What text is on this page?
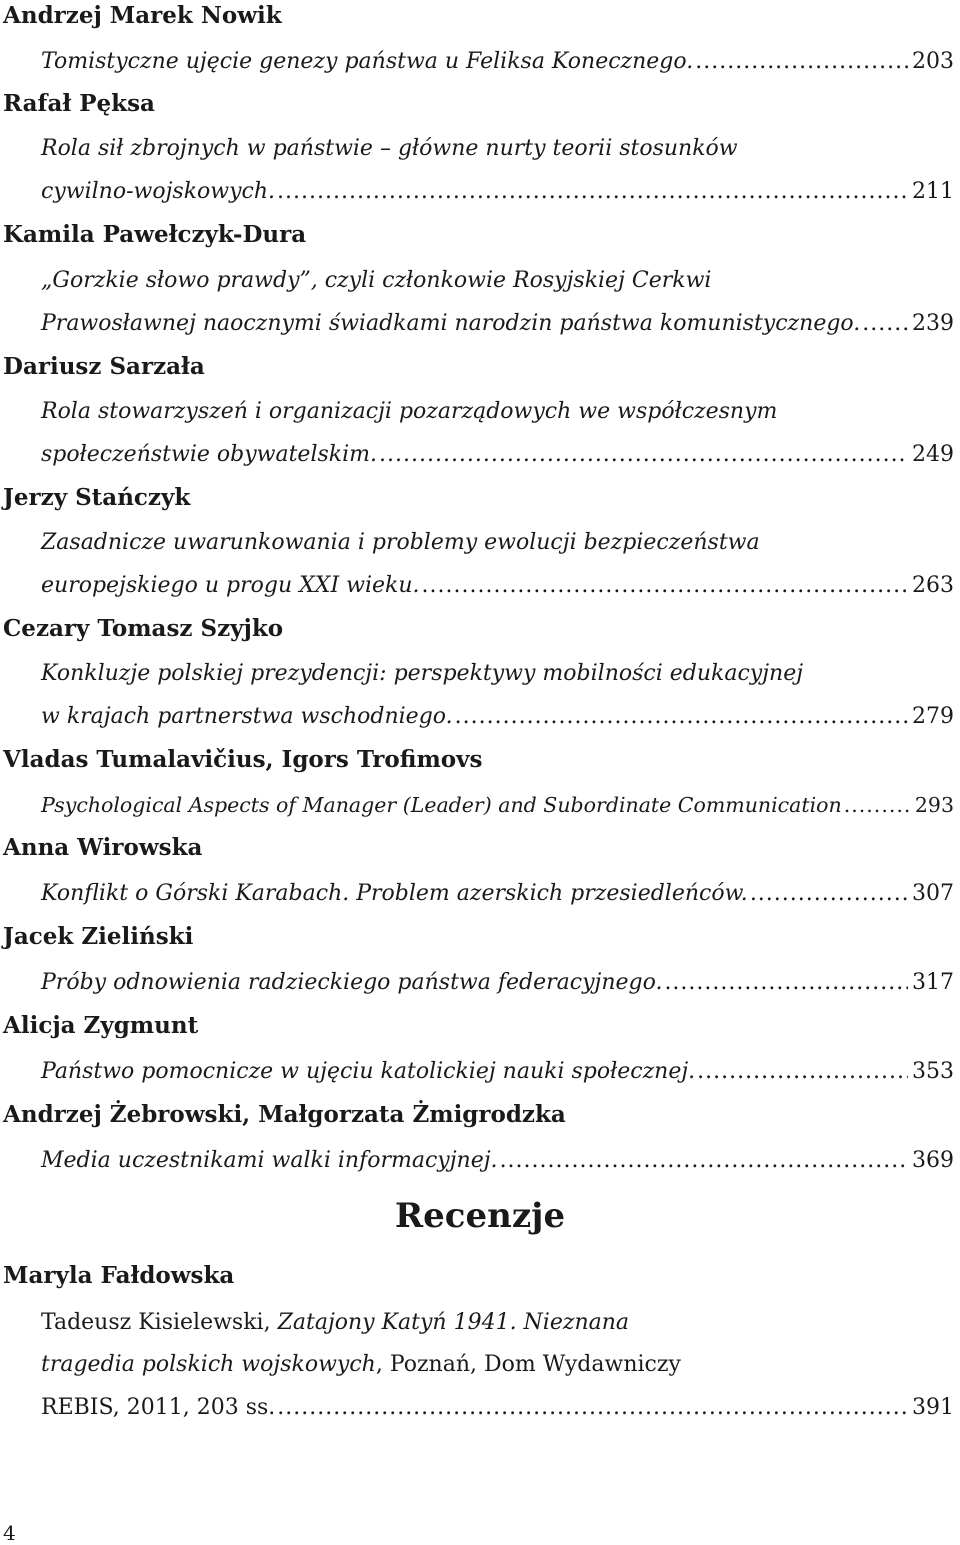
Andrzej Marek Nowik
Tomistyczne ujęcie genezy państwa u Feliksa Konecznego. .....	203
Rafał Pęksa
Rola sił zbrojnych w państwie – główne nurty teorii stosunków
cywilno-wojskowych. .....	211
Kamila Pawełczyk-Dura
„Gorzkie słowo prawdy”, czyli członkowie Rosyjskiej Cerkwi
Prawosławnej naocznymi świadkami narodzin państwa komunistycznego. ..... 239
Dariusz Sarzała
Rola stowarzyszeń i organizacji pozarządowych we współczesnym
społeczeństwie obywatelskim. .....	249
Jerzy Stańczyk
Zasadnicze uwarunkowania i problemy ewolucji bezpieczeństwa
europejskiego u progu XXI wieku. .....	263
Cezary Tomasz Szyjko
Konkluzje polskiej prezydencji: perspektywy mobilności edukacyjnej
w krajach partnerstwa wschodniego. .....	279
Vladas Tumalavičius, Igors Trofimovs
Psychological Aspects of Manager (Leader) and Subordinate Communication .....	293
Anna Wirowska
Konflikt o Górski Karabach. Problem azerskich przesiedleńców. .....	307
Jacek Zieliński
Próby odnowienia radzieckiego państwa federacyjnego. .....	317
Alicja Zygmunt
Państwo pomocnicze w ujęciu katolickiej nauki społecznej. .....	353
Andrzej Żebrowski, Małgorzata Żmigrodzka
Media uczestnikami walki informacyjnej. .....	369
Recenzje
Maryla Fałdowska
Tadeusz Kisielewski, Zatajony Katyń 1941. Nieznana
tragedia polskich wojskowych, Poznań, Dom Wydawniczy
REBIS, 2011, 203 ss. .....	391
4
